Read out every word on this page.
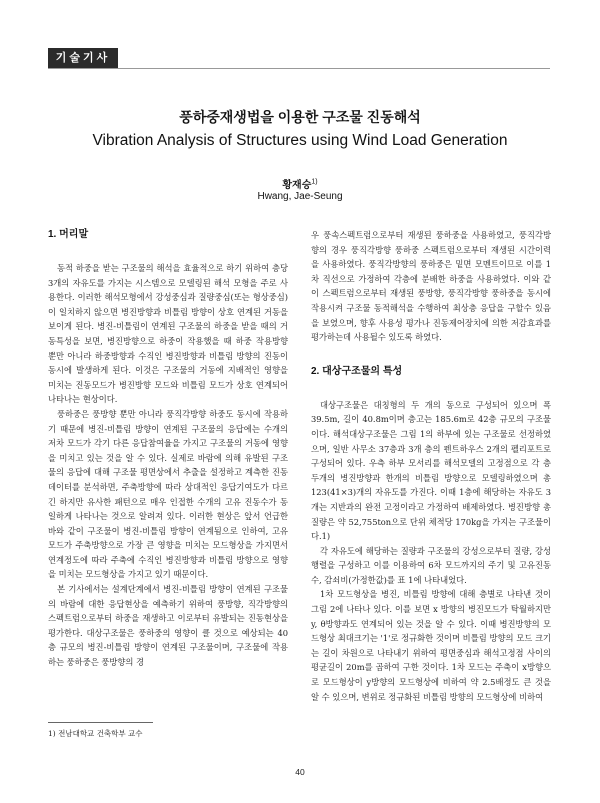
기술기사
풍하중재생법을 이용한 구조물 진동해석
Vibration Analysis of Structures using Wind Load Generation
황재승$^{1)}$
Hwang, Jae-Seung
1. 머리말

동적 하중을 받는 구조물의 해석을 효율적으로 하기 위하여 층당 3개의 자유도를 가지는 시스템으로 모델링된 해석 모형을 주로 사용한다. 이러한 해석모형에서 강성중심과 질량중심(또는 형상중심)이 일치하지 않으면 병진방향과 비틀림 방향이 상호 연계된 거동을 보이게 된다. 병진-비틀림이 연계된 구조물의 하중을 받을 때의 거동특성을 보면, 병진방향으로 하중이 작용했을 때 하중 작용방향 뿐만 아니라 하중방향과 수직인 병진방향과 비틀림 방향의 진동이 동시에 발생하게 된다. 이것은 구조물의 거동에 지배적인 영향을 미치는 진동모드가 병진방향 모드와 비틀림 모드가 상호 연계되어 나타나는 현상이다.

풍하중은 풍방향 뿐만 아니라 풍직각방향 하중도 동시에 작용하기 때문에 병진-비틀림 방향이 연계된 구조물의 응답에는 수개의 저차 모드가 각기 다른 응답참여율을 가지고 구조물의 거동에 영향을 미치고 있는 것을 알 수 있다. 실제로 바람에 의해 유발된 구조물의 응답에 대해 구조물 평면상에서 추출을 설정하고 계측한 진동 데이터를 분석하면, 주축방향에 따라 상대적인 응답기여도가 다르긴 하지만 유사한 패턴으로 매우 인접한 수개의 고유 진동수가 동일하게 나타나는 것으로 알려져 있다. 이러한 현상은 앞서 언급한 바와 같이 구조물이 병진-비틀림 방향이 연계됨으로 인하여, 고유모드가 주축방향으로 가장 큰 영향을 미치는 모드형상을 가지면서 연계정도에 따라 주축에 수직인 병진방향과 비틀림 방향으로 영향을 미치는 모드형상을 가지고 있기 때문이다.

본 기사에서는 설계단계에서 병진-비틀림 방향이 연계된 구조물의 바람에 대한 응답현상을 예측하기 위하여 풍방향, 직각방향의 스펙트럼으로부터 하중을 재생하고 이로부터 유발되는 진동현상을 평가한다. 대상구조물은 풍하중의 영향이 클 것으로 예상되는 40층 규모의 병진-비틀림 방향이 연계된 구조물이며, 구조물에 작용하는 풍하중은 풍방향의 경

우 풍속스펙트럼으로부터 재생된 풍하중을 사용하였고, 풍직각방향의 경우 풍직각방향 풍하중 스펙트럼으로부터 재생된 시간이력을 사용하였다. 풍직각방향의 풍하중은 밑면 모멘트이므로 이를 1차 직선으로 가정하여 각층에 분배한 하중을 사용하였다. 이와 같이 스펙트럼으로부터 재생된 풍방향, 풍직각방향 풍하중을 동시에 작용시켜 구조물 동적해석을 수행하여 최상층 응답을 구할수 있음을 보였으며, 향후 사용성 평가나 진동제어장치에 의한 저감효과를 평가하는데 사용될수 있도록 하였다.

2. 대상구조물의 특성

대상구조물은 대칭형의 두 개의 동으로 구성되어 있으며 폭 39.5m, 길이 40.8m이며 층고는 185.6m로 42층 규모의 구조물이다. 해석대상구조물은 그림 1의 하부에 있는 구조물로 선정하였으며, 일반 사무소 37층과 3개 층의 펜트하우스 2개의 펠리포트로 구성되어 있다. 우측 하부 모서리를 해석모델의 고정점으로 각 층 두개의 병진방향과 한개의 비틀림 방향으로 모델링하였으며 총 123(41×3)개의 자유도를 가진다. 이때 1층에 해당하는 자유도 3개는 지반과의 완전 고정이라고 가정하여 배제하였다. 병진방향 총질량은 약 52,755ton으로 단위 체적당 170kg을 가지는 구조물이다.1)

각 자유도에 해당하는 질량과 구조물의 강성으로부터 질량, 강성행렬을 구성하고 이를 이용하여 6차 모드까지의 주기 및 고유진동수, 감쇠비(가정한값)를 표 1에 나타내었다.

1차 모드형상을 병진, 비틀림 방향에 대해 층별로 나타낸 것이 그림 2에 나타나 있다. 이를 보면 x 방향의 병진모드가 탁월하지만 y, θ방향과도 연계되어 있는 것을 알 수 있다. 이때 병진방향의 모드형상 최대크기는 '1'로 정규화한 것이며 비틀림 방향의 모드 크기는 길이 차원으로 나타내기 위하여 평면중심과 해석고정점 사이의 평균길이 20m를 곱하여 구한 것이다. 1차 모드는 주축이 x방향으로 모드형상이 y방향의 모드형상에 비하여 약 2.5배정도 큰 것을 알 수 있으며, 변위로 정규화된 비틀림 방향의 모드형상에 비하여

1) 전남대학교 건축학부 교수
40
